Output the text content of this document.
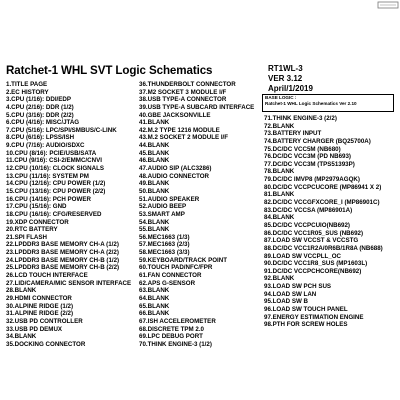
Ratchet-1 WHL SVT Logic Schematics	RT1WL-3
VER 3.12
April/1/2019
BASE LOGIC :
Ratchet-1 WHL Logic Schematics Ver 2.10
1.TITLE PAGE
2.EC HISTORY
3.CPU (1/16): DDI/EDP
4.CPU (2/16): DDR (1/2)
5.CPU (3/16): DDR (2/2)
6.CPU (4/16): MISC/JTAG
7.CPU (5/16): LPC/SPI/SMBUS/C-LINK
8.CPU (6/16): LPSS/ISH
9.CPU (7/16): AUDIO/SDXC
10.CPU (8/16): PCIE/USB/SATA
11.CPU (9/16): CSI-2/EMMC/CNVI
12.CPU (10/16): CLOCK SIGNALS
13.CPU (11/16): SYSTEM PM
14.CPU (12/16): CPU POWER (1/2)
15.CPU (13/16): CPU POWER (2/2)
16.CPU (14/16): PCH POWER
17.CPU (15/16): GND
18.CPU (16/16): CFG/RESERVED
19.XDP CONNECTOR
20.RTC BATTERY
21.SPI FLASH
22.LPDDR3 BASE MEMORY CH-A (1/2)
23.LPDDR3 BASE MEMORY CH-A (2/2)
24.LPDDR3 BASE MEMORY CH-B (1/2)
25.LPDDR3 BASE MEMORY CH-B (2/2)
26.LCD TOUCH INTERFACE
27.LID/CAMERA/MIC SENSOR INTERFACE
28.BLANK
29.HDMI CONNECTOR
30.ALPINE RIDGE (1/2)
31.ALPINE RIDGE (2/2)
32.USB PD CONTROLLER
33.USB PD DEMUX
34.BLANK
35.DOCKING CONNECTOR
36.THUNDERBOLT CONNECTOR
37.M2 SOCKET 3 MODULE I/F
38.USB TYPE-A CONNECTOR
39.USB TYPE-A SUBCARD INTERFACE
40.GBE JACKSONVILLE
41.BLANK
42.M.2 TYPE 1216 MODULE
43.M.2 SOCKET 2 MODULE I/F
44.BLANK
45.BLANK
46.BLANK
47.AUDIO SIP (ALC3286)
48.AUDIO CONNECTOR
49.BLANK
50.BLANK
51.AUDIO SPEAKER
52.AUDIO BEEP
53.SMART AMP
54.BLANK
55.BLANK
56.MEC1663 (1/3)
57.MEC1663 (2/3)
58.MEC1663 (3/3)
59.KEYBOARD/TRACK POINT
60.TOUCH PAD/NFC/FPR
61.FAN CONNECTOR
62.APS G-SENSOR
63.BLANK
64.BLANK
65.BLANK
66.BLANK
67.ISH ACCELEROMETER
68.DISCRETE TPM 2.0
69.LPC DEBUG PORT
70.THINK ENGINE-3 (1/2)
71.THINK ENGINE-3 (2/2)
72.BLANK
73.BATTERY INPUT
74.BATTERY CHARGER (BQ25700A)
75.DC/DC VCC5M (NB680)
76.DC/DC VCC3M (PD NB693)
77.DC/DC VCC3M (TPS51393P)
78.BLANK
79.DC/DC IMVP8 (MP2979AGQK)
80.DC/DC VCCPCUCORE (MP86941 X 2)
81.BLANK
82.DC/DC VCCGFXCORE_I (MP86901C)
83.DC/DC VCCSA (MP86901A)
84.BLANK
85.DC/DC VCCPCUIO(NB692)
86.DC/DC VCC1R05_SUS (NB692)
87.LOAD SW VCCST & VCCSTG
88.DC/DC VCC1R2A/0R6B/1R8A (NB688)
89.LOAD SW VCCPLL_OC
90.DC/DC VCC1R8_SUS (MP1603L)
91.DC/DC VCCPCHCORE(NB692)
92.BLANK
93.LOAD SW PCH SUS
94.LOAD SW LAN
95.LOAD SW B
96.LOAD SW TOUCH PANEL
97.ENERGY ESTIMATION ENGINE
98.PTH FOR SCREW HOLES
